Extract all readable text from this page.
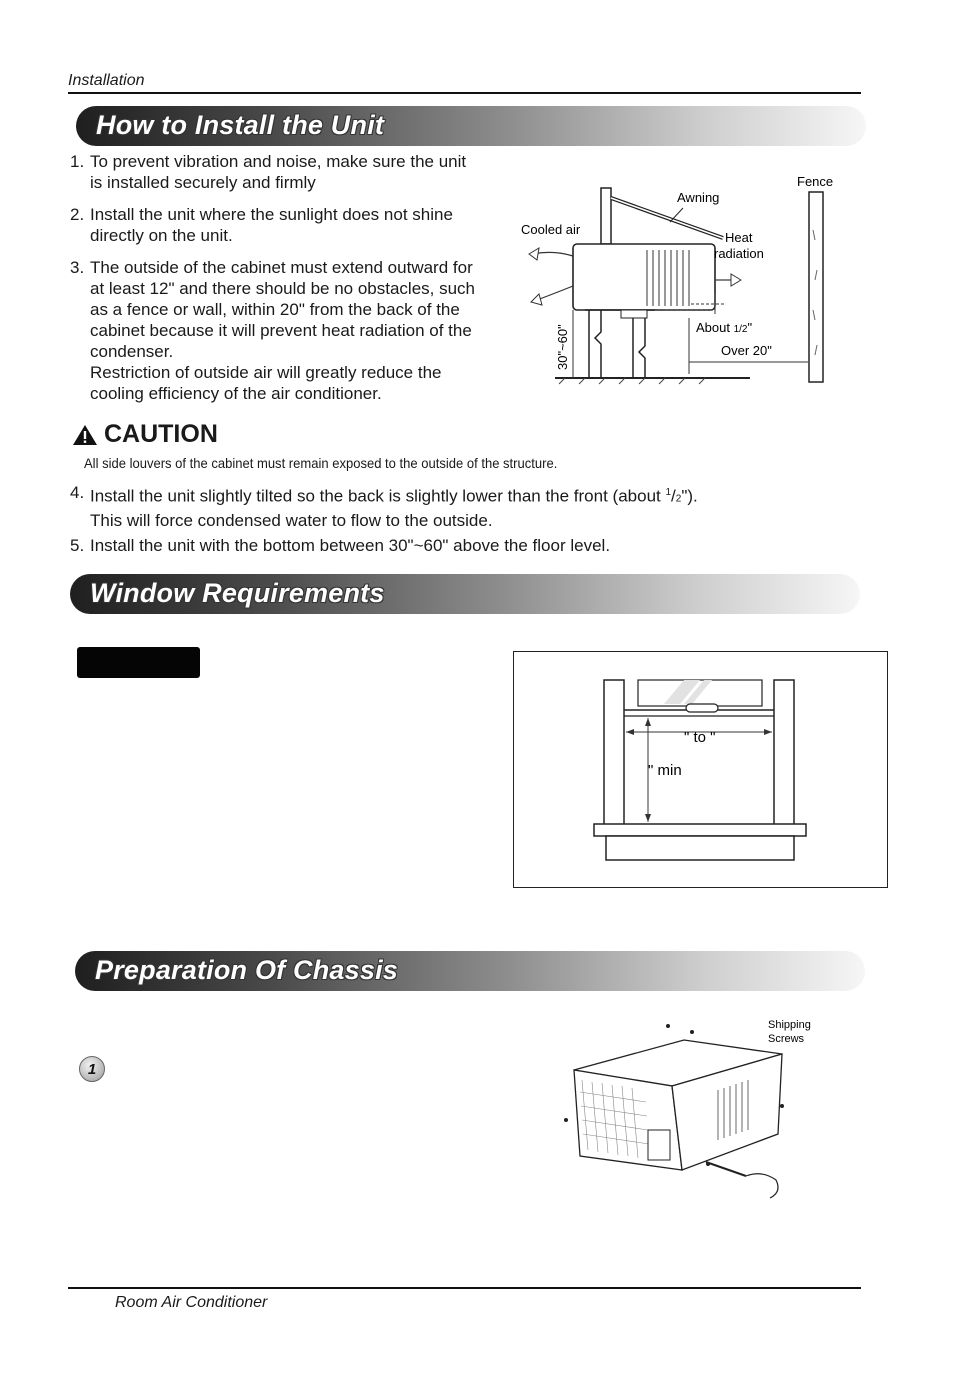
Installation
How to Install the Unit
1. To prevent vibration and noise, make sure the unit
is installed securely and firmly
2. Install the unit where the sunlight does not shine
directly on the unit.
3. The outside of the cabinet must extend outward for
at least 12" and there should be no obstacles, such
as a fence or wall, within 20" from the back of the
cabinet because it will prevent heat radiation of the
condenser.
Restriction of outside air will greatly reduce the
cooling efficiency of the air conditioner.
Awning
Cooled air
Heat
radiation
About 1/2"
Over 20"
30"~60"
Fence
CAUTION
All side louvers of the cabinet must remain exposed to the outside of the structure.
4. Install the unit slightly tilted so the back is slightly lower than the front (about $^1$/2").
This will force condensed water to flow to the outside.
5. Install the unit with the bottom between 30"~60" above the floor level.
Window Requirements
" to "
" min
Preparation Of Chassis
1
Shipping
Screws
Room Air Conditioner
